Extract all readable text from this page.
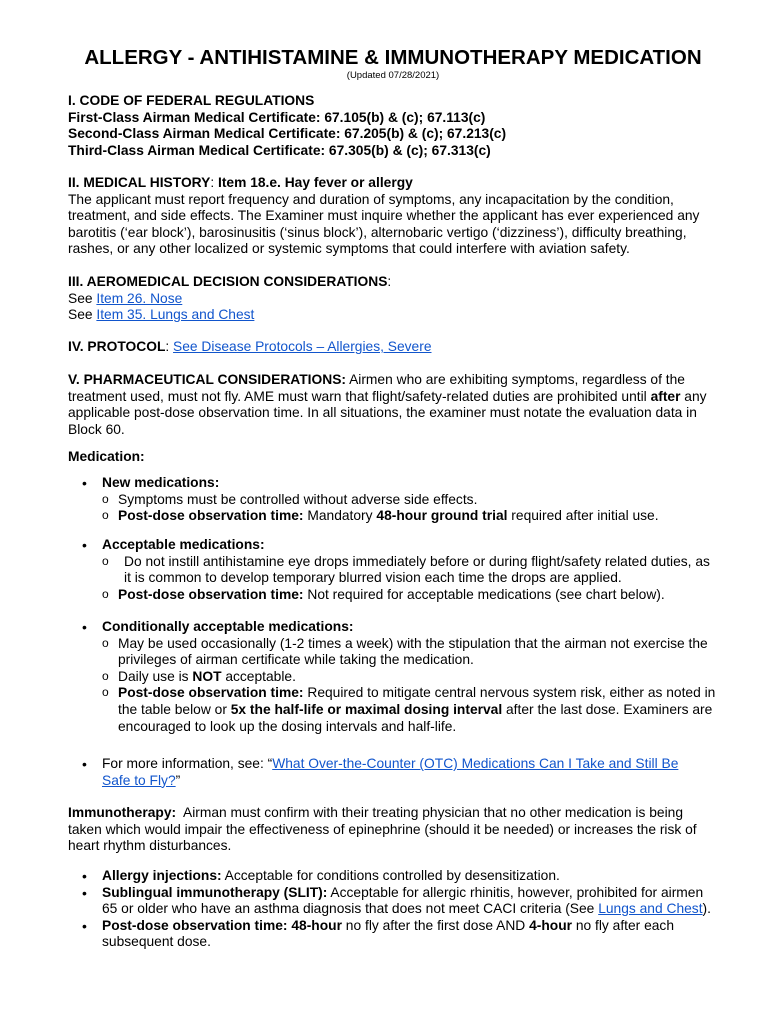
ALLERGY - ANTIHISTAMINE & IMMUNOTHERAPY MEDICATION
(Updated 07/28/2021)

I. CODE OF FEDERAL REGULATIONS

First-Class Airman Medical Certificate: 67.105(b) & (c); 67.113(c)

Second-Class Airman Medical Certificate: 67.205(b) & (c); 67.213(c)

Third-Class Airman Medical Certificate: 67.305(b) & (c); 67.313(c)

II. MEDICAL HISTORY: Item 18.e. Hay fever or allergy

The applicant must report frequency and duration of symptoms, any incapacitation by the condition, treatment, and side effects. The Examiner must inquire whether the applicant has ever experienced any barotitis (‘ear block’), barosinusitis (‘sinus block’), alternobaric vertigo (‘dizziness’), difficulty breathing, rashes, or any other localized or systemic symptoms that could interfere with aviation safety.

III. AEROMEDICAL DECISION CONSIDERATIONS:

See Item 26. Nose

See Item 35. Lungs and Chest

IV. PROTOCOL: See Disease Protocols – Allergies, Severe

V. PHARMACEUTICAL CONSIDERATIONS: Airmen who are exhibiting symptoms, regardless of the treatment used, must not fly. AME must warn that flight/safety-related duties are prohibited until after any applicable post-dose observation time. In all situations, the examiner must notate the evaluation data in Block 60.

Medication:

• New medications:
o Symptoms must be controlled without adverse side effects.
o Post-dose observation time: Mandatory 48-hour ground trial required after initial use.
• Acceptable medications:
o Do not instill antihistamine eye drops immediately before or during flight/safety related duties, as it is common to develop temporary blurred vision each time the drops are applied.
o Post-dose observation time: Not required for acceptable medications (see chart below).
• Conditionally acceptable medications:
o May be used occasionally (1-2 times a week) with the stipulation that the airman not exercise the privileges of airman certificate while taking the medication.
o Daily use is NOT acceptable.
o Post-dose observation time: Required to mitigate central nervous system risk, either as noted in the table below or 5x the half-life or maximal dosing interval after the last dose. Examiners are encouraged to look up the dosing intervals and half-life.
• For more information, see: “What Over-the-Counter (OTC) Medications Can I Take and Still Be Safe to Fly?”

Immunotherapy:  Airman must confirm with their treating physician that no other medication is being taken which would impair the effectiveness of epinephrine (should it be needed) or increases the risk of heart rhythm disturbances.

• Allergy injections: Acceptable for conditions controlled by desensitization.
• Sublingual immunotherapy (SLIT): Acceptable for allergic rhinitis, however, prohibited for airmen 65 or older who have an asthma diagnosis that does not meet CACI criteria (See Lungs and Chest).
• Post-dose observation time: 48-hour no fly after the first dose AND 4-hour no fly after each subsequent dose.
